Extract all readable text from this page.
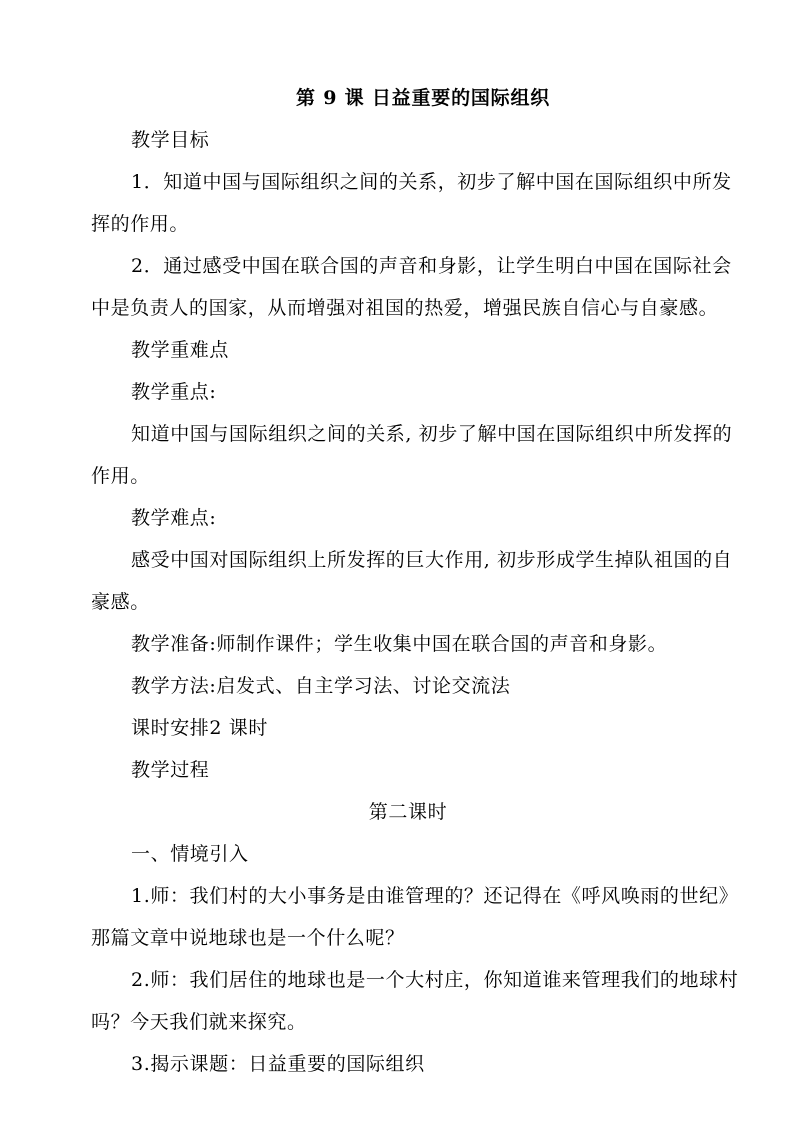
第 9 课 日益重要的国际组织
教学目标
1．知道中国与国际组织之间的关系，初步了解中国在国际组织中所发
挥的作用。
2．通过感受中国在联合国的声音和身影，让学生明白中国在国际社会
中是负责人的国家，从而增强对祖国的热爱，增强民族自信心与自豪感。
教学重难点
教学重点:
知道中国与国际组织之间的关系, 初步了解中国在国际组织中所发挥的
作用。
教学难点:
感受中国对国际组织上所发挥的巨大作用, 初步形成学生掉队祖国的自
豪感。
教学准备:师制作课件；学生收集中国在联合国的声音和身影。
教学方法:启发式、自主学习法、讨论交流法
课时安排2 课时
教学过程
第二课时
一、情境引入
1.师：我们村的大小事务是由谁管理的？还记得在《呼风唤雨的世纪》
那篇文章中说地球也是一个什么呢？
2.师：我们居住的地球也是一个大村庄，你知道谁来管理我们的地球村
吗？今天我们就来探究。
3.揭示课题：日益重要的国际组织
